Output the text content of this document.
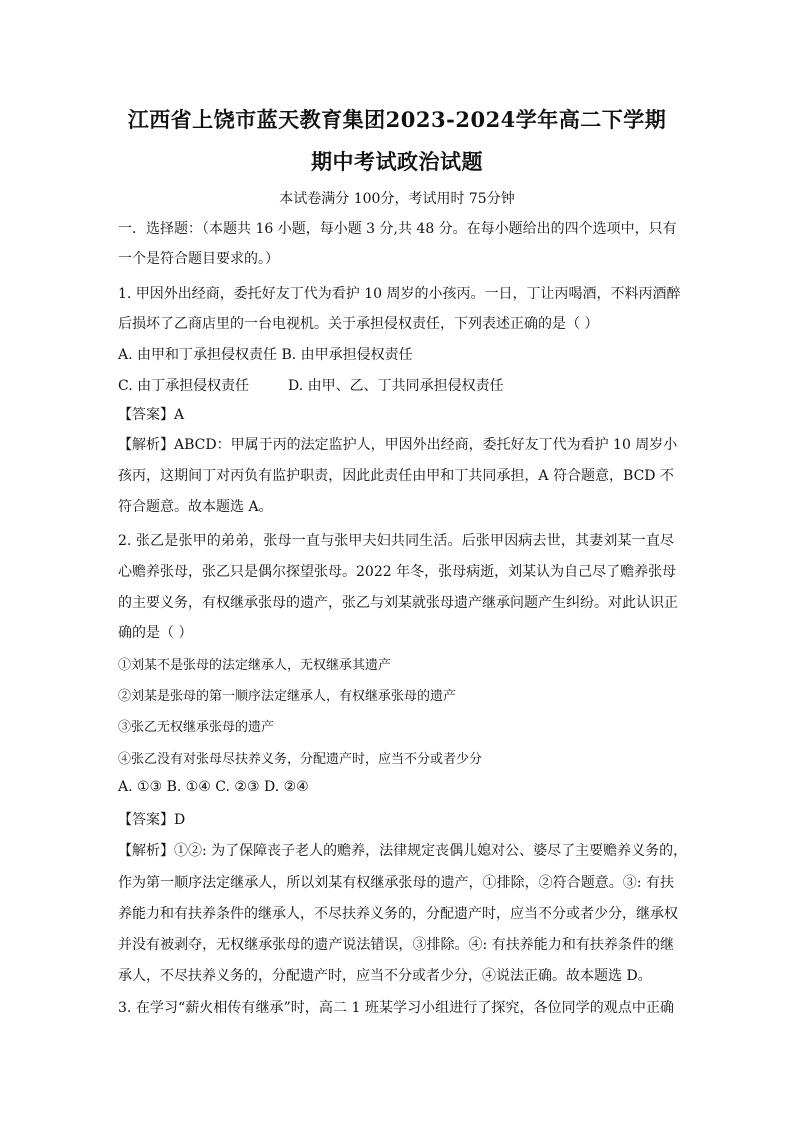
江西省上饶市蓝天教育集团2023-2024学年高二下学期
期中考试政治试题
本试卷满分 100分，考试用时 75分钟
一．选择题：（本题共 16 小题，每小题 3 分,共 48 分。在每小题给出的四个选项中，只有
一个是符合题目要求的。）
1. 甲因外出经商，委托好友丁代为看护 10 周岁的小孩丙。一日，丁让丙喝酒，不料丙酒醉
后损坏了乙商店里的一台电视机。关于承担侵权责任，下列表述正确的是（ ）
A. 由甲和丁承担侵权责任 B. 由甲承担侵权责任
C. 由丁承担侵权责任	D. 由甲、乙、丁共同承担侵权责任
【答案】A
【解析】ABCD：甲属于丙的法定监护人，甲因外出经商，委托好友丁代为看护 10 周岁小
孩丙，这期间丁对丙负有监护职责，因此此责任由甲和丁共同承担，A 符合题意，BCD 不
符合题意。故本题选 A。
2. 张乙是张甲的弟弟，张母一直与张甲夫妇共同生活。后张甲因病去世，其妻刘某一直尽
心赡养张母，张乙只是偶尔探望张母。2022 年冬，张母病逝，刘某认为自己尽了赡养张母
的主要义务，有权继承张母的遗产，张乙与刘某就张母遗产继承问题产生纠纷。对此认识正
确的是（ ）
①刘某不是张母的法定继承人，无权继承其遗产
②刘某是张母的第一顺序法定继承人，有权继承张母的遗产
③张乙无权继承张母的遗产
④张乙没有对张母尽扶养义务，分配遗产时，应当不分或者少分
A. ①③ B. ①④ C. ②③ D. ②④
【答案】D
【解析】①②: 为了保障丧子老人的赡养，法律规定丧偶儿媳对公、婆尽了主要赡养义务的，
作为第一顺序法定继承人，所以刘某有权继承张母的遗产，①排除，②符合题意。③: 有扶
养能力和有扶养条件的继承人，不尽扶养义务的，分配遗产时，应当不分或者少分，继承权
并没有被剥夺，无权继承张母的遗产说法错误，③排除。④: 有扶养能力和有扶养条件的继
承人，不尽扶养义务的，分配遗产时，应当不分或者少分，④说法正确。故本题选 D。
3. 在学习“薪火相传有继承”时，高二 1 班某学习小组进行了探究，各位同学的观点中正确
